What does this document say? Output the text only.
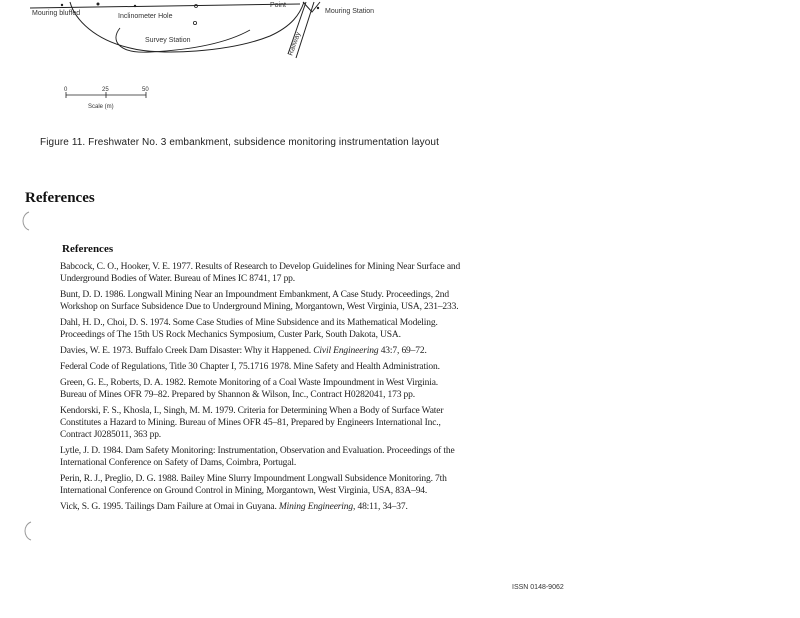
Mouring bluffed	Inclinometer Hole
Survey Station
Point
Mouring Station
Railway
0	25	50
Scale (m)
Figure 11. Freshwater No. 3 embankment, subsidence monitoring instrumentation layout
References
References
Babcock, C. O., Hooker, V. E. 1977. Results of Research to Develop Guidelines for Mining Near Surface and
Underground Bodies of Water. Bureau of Mines IC 8741, 17 pp.
Bunt, D. D. 1986. Longwall Mining Near an Impoundment Embankment, A Case Study. Proceedings, 2nd
Workshop on Surface Subsidence Due to Underground Mining, Morgantown, West Virginia, USA, 231–233.
Dahl, H. D., Choi, D. S. 1974. Some Case Studies of Mine Subsidence and its Mathematical Modeling.
Proceedings of The 15th US Rock Mechanics Symposium, Custer Park, South Dakota, USA.
Davies, W. E. 1973. Buffalo Creek Dam Disaster: Why it Happened. Civil Engineering 43:7, 69–72.
Federal Code of Regulations, Title 30 Chapter I, 75.1716 1978. Mine Safety and Health Administration.
Green, G. E., Roberts, D. A. 1982. Remote Monitoring of a Coal Waste Impoundment in West Virginia.
Bureau of Mines OFR 79–82. Prepared by Shannon & Wilson, Inc., Contract H0282041, 173 pp.
Kendorski, F. S., Khosla, I., Singh, M. M. 1979. Criteria for Determining When a Body of Surface Water
Constitutes a Hazard to Mining. Bureau of Mines OFR 45–81, Prepared by Engineers International Inc.,
Contract J0285011, 363 pp.
Lytle, J. D. 1984. Dam Safety Monitoring: Instrumentation, Observation and Evaluation. Proceedings of the
International Conference on Safety of Dams, Coimbra, Portugal.
Perin, R. J., Preglio, D. G. 1988. Bailey Mine Slurry Impoundment Longwall Subsidence Monitoring. 7th
International Conference on Ground Control in Mining, Morgantown, West Virginia, USA, 83A–94.
Vick, S. G. 1995. Tailings Dam Failure at Omai in Guyana. Mining Engineering, 48:11, 34–37.
ISSN 0148-9062
